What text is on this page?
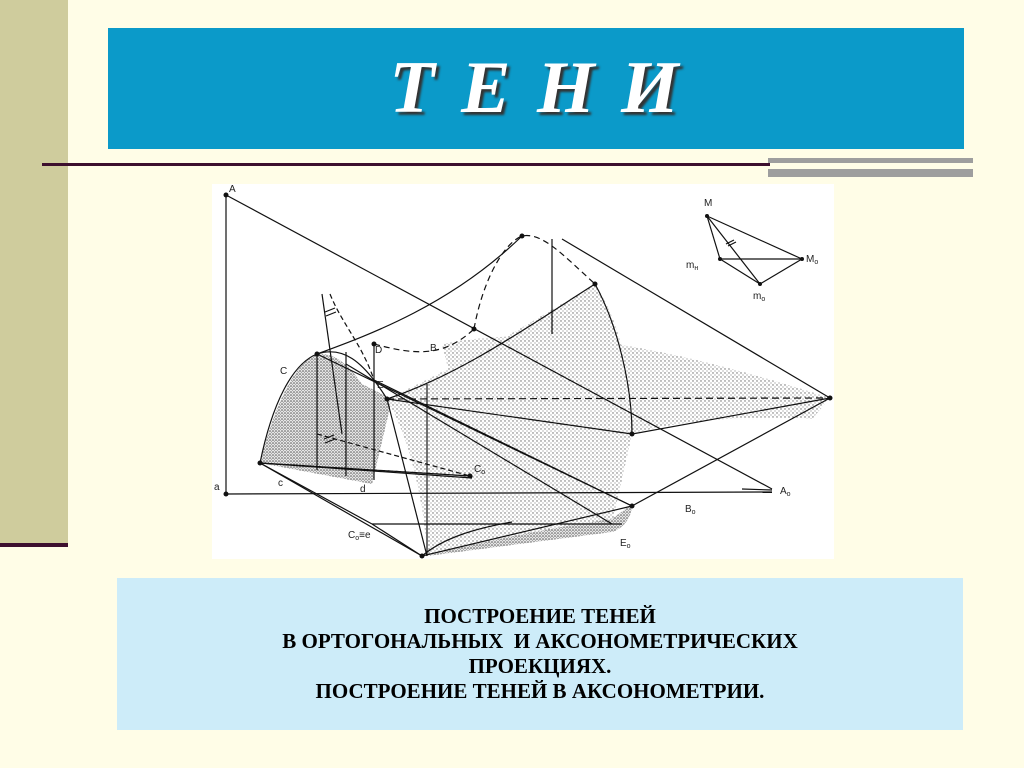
Т Е Н И
A
a
B
C
c
D
d
E
$C_o$
$C_o\equiv e$
$A_o$
$B_o$
$E_o$
M
$m_н$
$M_o$
$m_o$
ПОСТРОЕНИЕ ТЕНЕЙ
В ОРТОГОНАЛЬНЫХ  И АКСОНОМЕТРИЧЕСКИХ
ПРОЕКЦИЯХ.
ПОСТРОЕНИЕ ТЕНЕЙ В АКСОНОМЕТРИИ.
